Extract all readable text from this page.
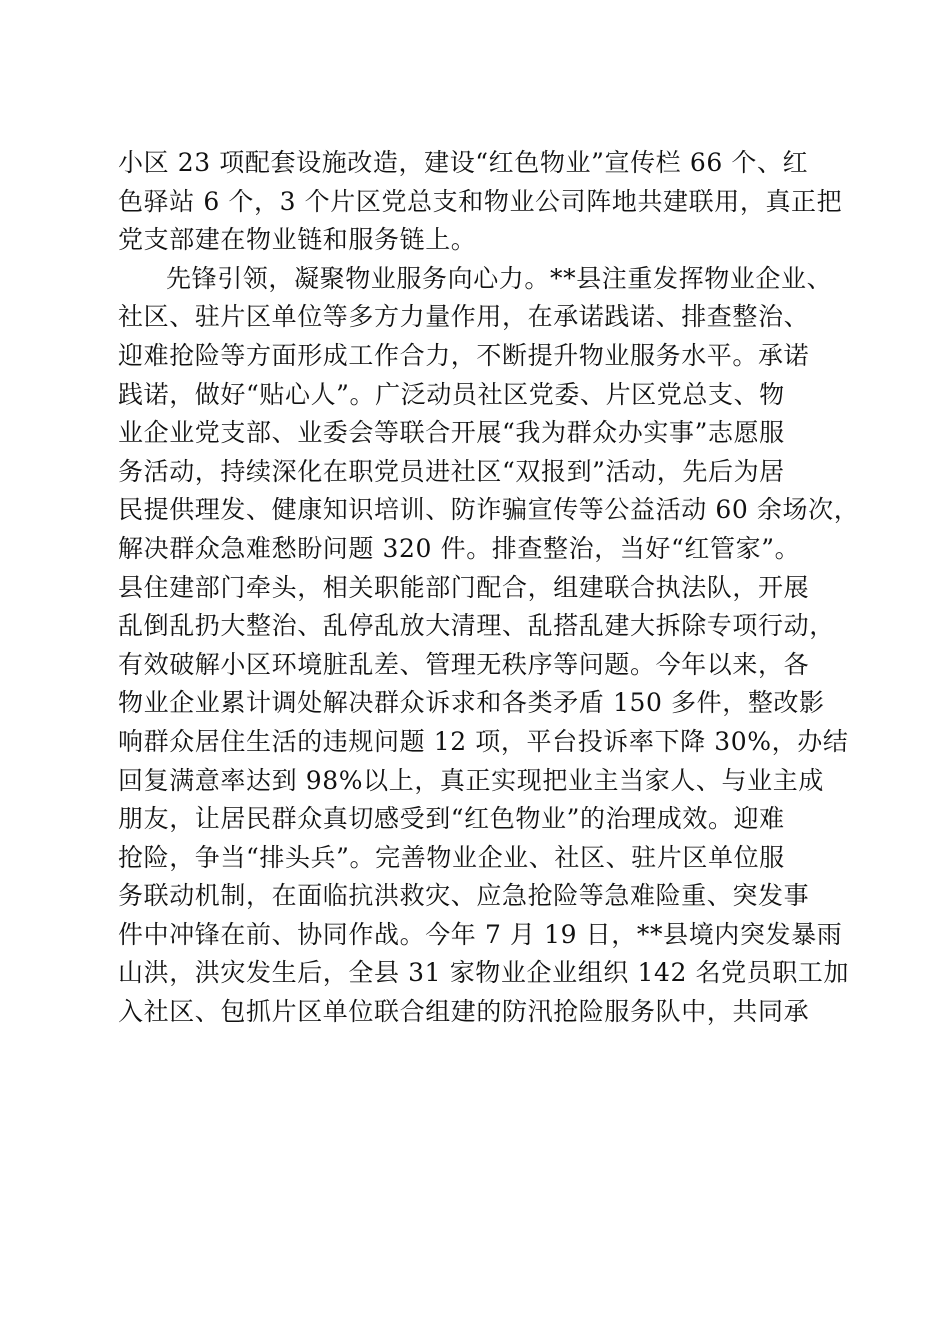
小区 23 项配套设施改造，建设“红色物业”宣传栏 66 个、红
色驿站 6 个，3 个片区党总支和物业公司阵地共建联用，真正把
党支部建在物业链和服务链上。
先锋引领，凝聚物业服务向心力。**县注重发挥物业企业、
社区、驻片区单位等多方力量作用，在承诺践诺、排查整治、
迎难抢险等方面形成工作合力，不断提升物业服务水平。承诺
践诺，做好“贴心人”。广泛动员社区党委、片区党总支、物
业企业党支部、业委会等联合开展“我为群众办实事”志愿服
务活动，持续深化在职党员进社区“双报到”活动，先后为居
民提供理发、健康知识培训、防诈骗宣传等公益活动 60 余场次，
解决群众急难愁盼问题 320 件。排查整治，当好“红管家”。
县住建部门牵头，相关职能部门配合，组建联合执法队，开展
乱倒乱扔大整治、乱停乱放大清理、乱搭乱建大拆除专项行动，
有效破解小区环境脏乱差、管理无秩序等问题。今年以来，各
物业企业累计调处解决群众诉求和各类矛盾 150 多件，整改影
响群众居住生活的违规问题 12 项，平台投诉率下降 30%，办结
回复满意率达到 98%以上，真正实现把业主当家人、与业主成
朋友，让居民群众真切感受到“红色物业”的治理成效。迎难
抢险，争当“排头兵”。完善物业企业、社区、驻片区单位服
务联动机制，在面临抗洪救灾、应急抢险等急难险重、突发事
件中冲锋在前、协同作战。今年 7 月 19 日，**县境内突发暴雨
山洪，洪灾发生后，全县 31 家物业企业组织 142 名党员职工加
入社区、包抓片区单位联合组建的防汛抢险服务队中，共同承
